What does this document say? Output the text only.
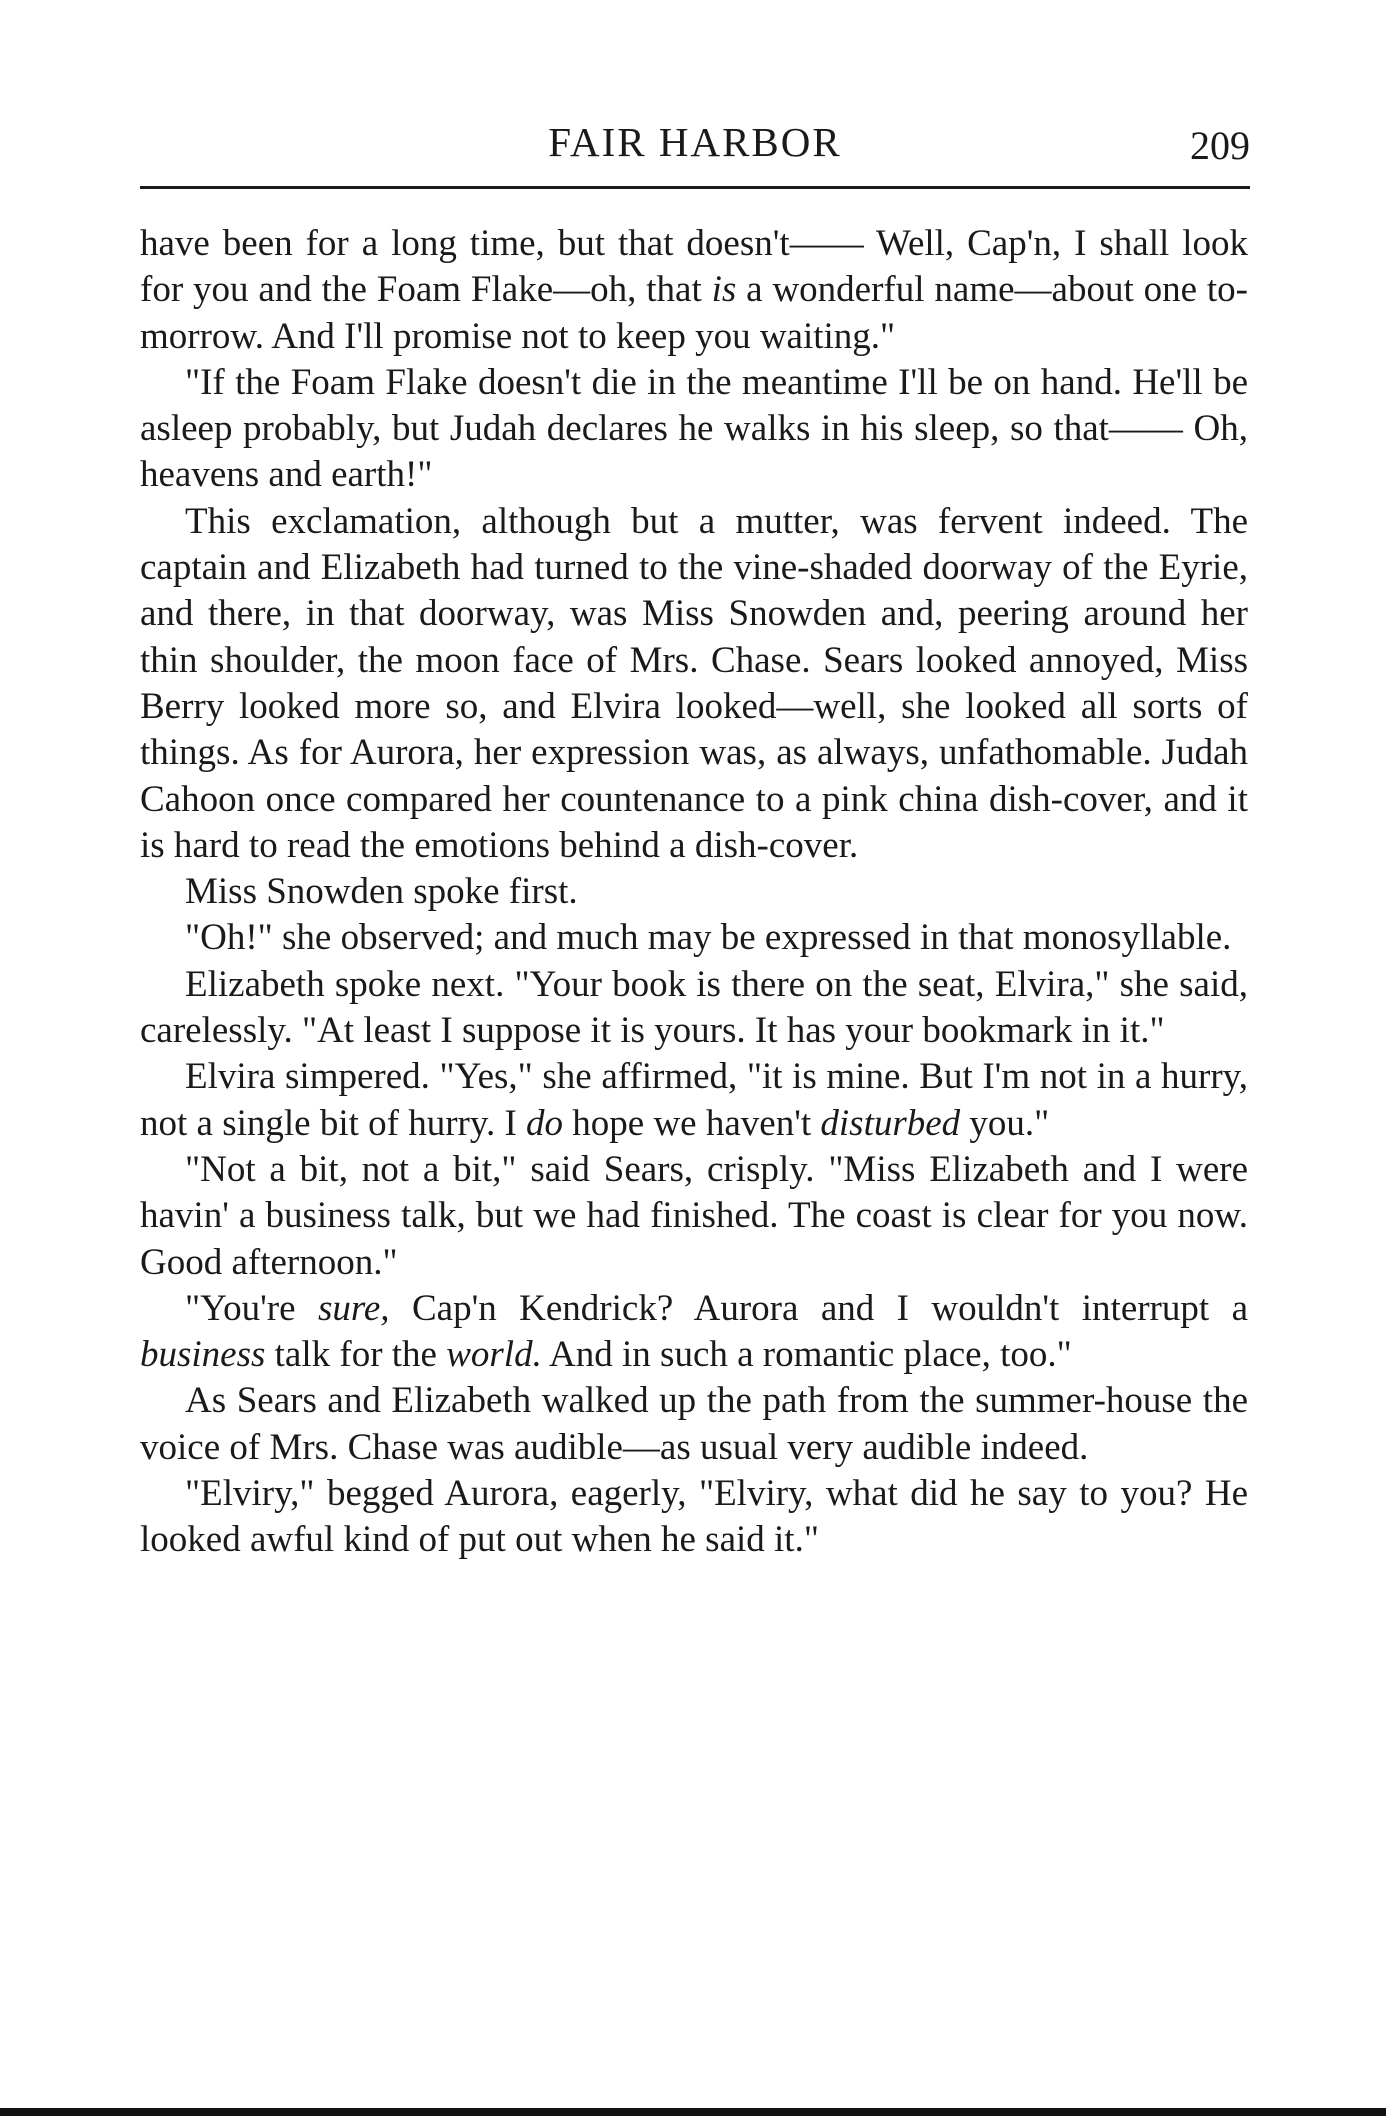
FAIR HARBOR	209

have been for a long time, but that doesn't—— Well, Cap'n, I shall look for you and the Foam Flake—oh, that is a wonderful name—about one to-morrow. And I'll promise not to keep you waiting."

"If the Foam Flake doesn't die in the meantime I'll be on hand. He'll be asleep probably, but Judah declares he walks in his sleep, so that—— Oh, heavens and earth!"

This exclamation, although but a mutter, was fervent indeed. The captain and Elizabeth had turned to the vine-shaded doorway of the Eyrie, and there, in that doorway, was Miss Snowden and, peering around her thin shoulder, the moon face of Mrs. Chase. Sears looked annoyed, Miss Berry looked more so, and Elvira looked—well, she looked all sorts of things. As for Aurora, her expression was, as always, unfathomable. Judah Cahoon once compared her countenance to a pink china dish-cover, and it is hard to read the emotions behind a dish-cover.

Miss Snowden spoke first.

"Oh!" she observed; and much may be expressed in that monosyllable.

Elizabeth spoke next. "Your book is there on the seat, Elvira," she said, carelessly. "At least I suppose it is yours. It has your bookmark in it."

Elvira simpered. "Yes," she affirmed, "it is mine. But I'm not in a hurry, not a single bit of hurry. I do hope we haven't disturbed you."

"Not a bit, not a bit," said Sears, crisply. "Miss Elizabeth and I were havin' a business talk, but we had finished. The coast is clear for you now. Good afternoon."

"You're sure, Cap'n Kendrick? Aurora and I wouldn't interrupt a business talk for the world. And in such a romantic place, too."

As Sears and Elizabeth walked up the path from the summer-house the voice of Mrs. Chase was audible—as usual very audible indeed.

"Elviry," begged Aurora, eagerly, "Elviry, what did he say to you? He looked awful kind of put out when he said it."
